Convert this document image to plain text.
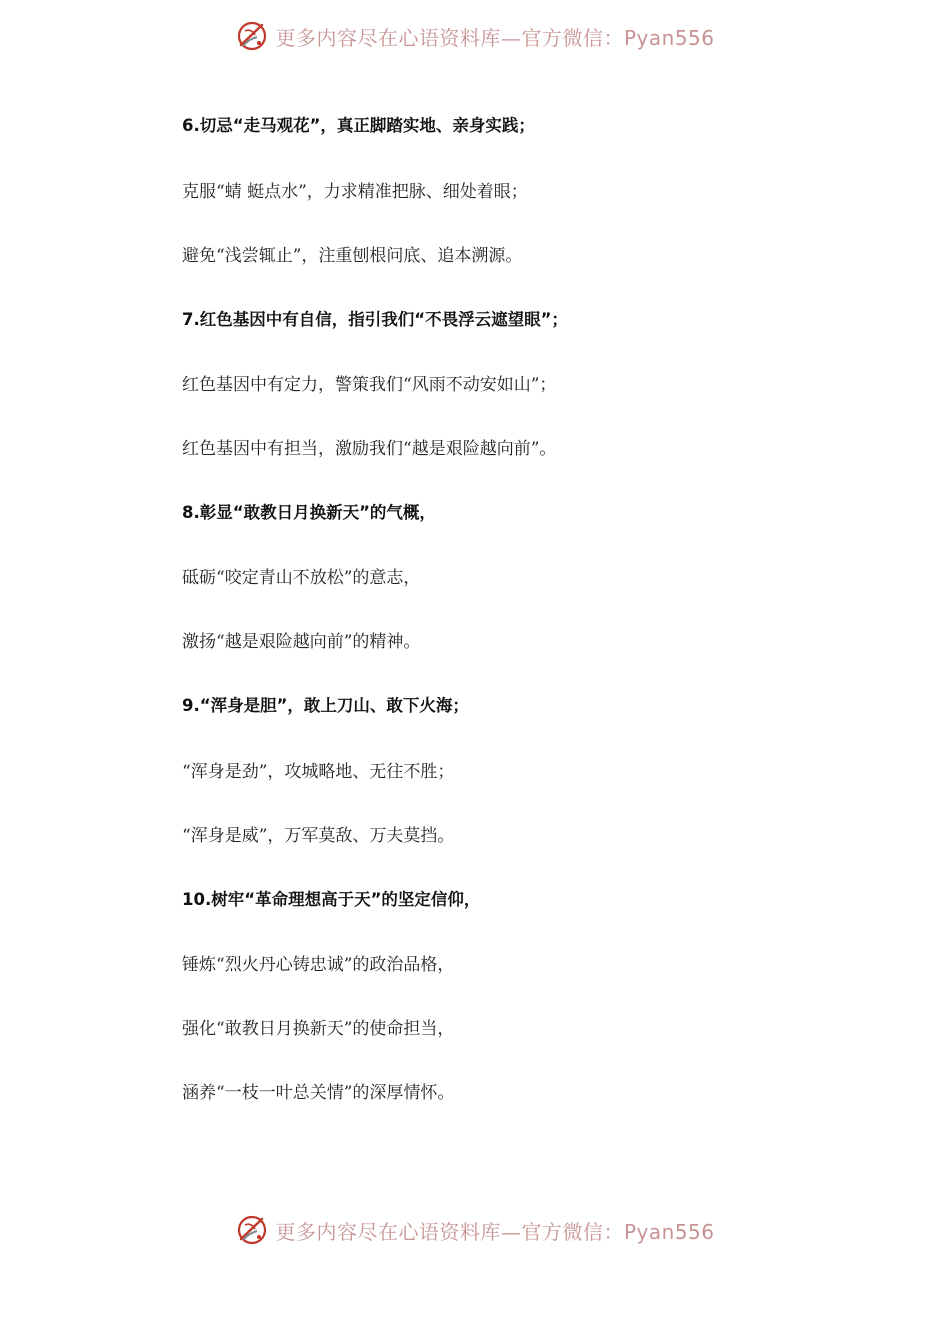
更多内容尽在心语资料库—官方微信：Pyan556
6.切忌“走马观花”，真正脚踏实地、亲身实践；
克服“蜻 蜓点水”，力求精准把脉、细处着眼；
避免“浅尝辄止”，注重刨根问底、追本溯源。
7.红色基因中有自信，指引我们“不畏浮云遮望眼”；
红色基因中有定力，警策我们“风雨不动安如山”；
红色基因中有担当，激励我们“越是艰险越向前”。
8.彰显“敢教日月换新天”的气概，
砥砺“咬定青山不放松”的意志，
激扬“越是艰险越向前”的精神。
9.“浑身是胆”，敢上刀山、敢下火海；
“浑身是劲”，攻城略地、无往不胜；
“浑身是威”，万军莫敌、万夫莫挡。
10.树牢“革命理想高于天”的坚定信仰，
锤炼“烈火丹心铸忠诚”的政治品格，
强化“敢教日月换新天”的使命担当，
涵养“一枝一叶总关情”的深厚情怀。
更多内容尽在心语资料库—官方微信：Pyan556
